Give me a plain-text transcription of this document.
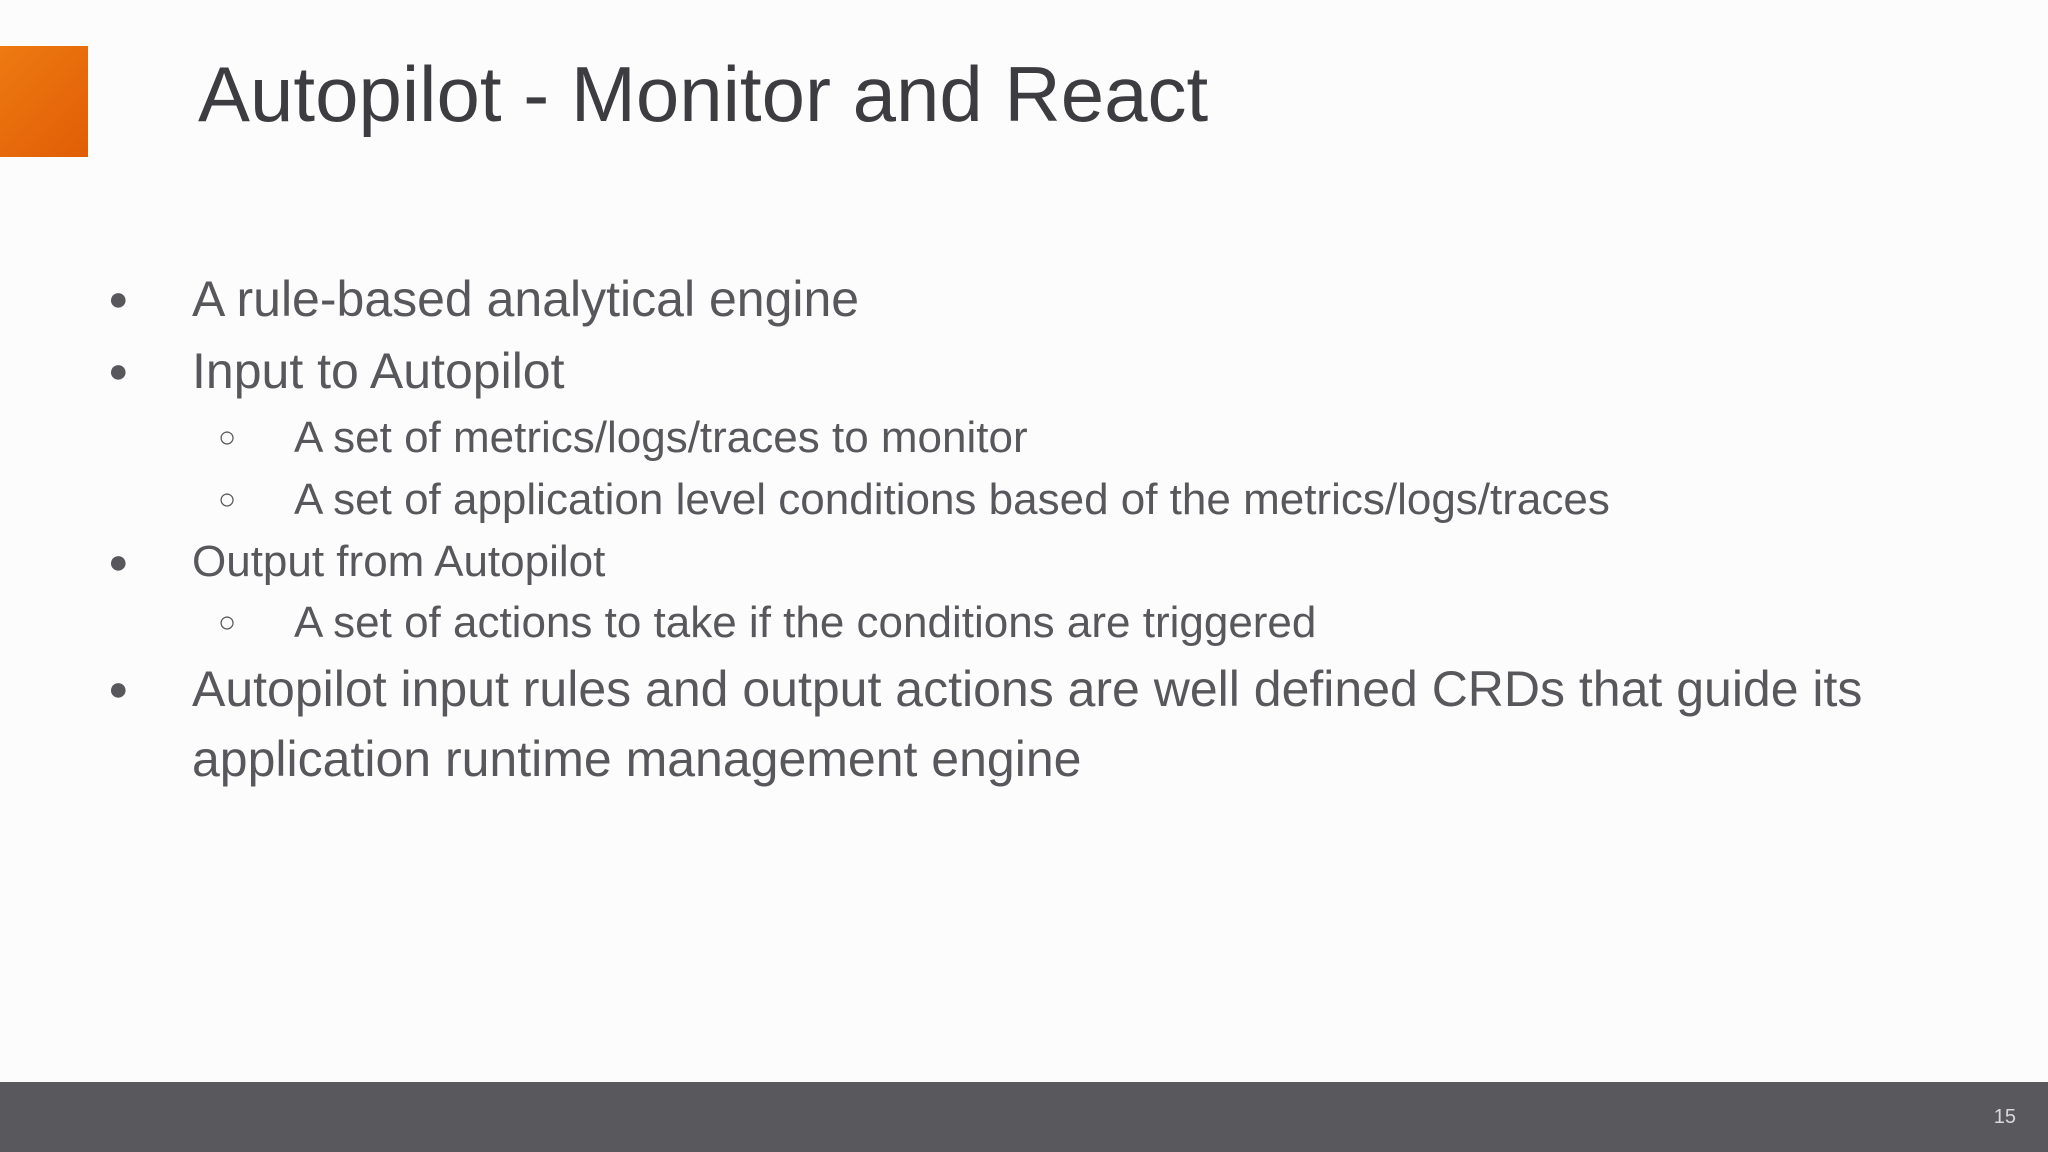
Autopilot - Monitor and React
● A rule-based analytical engine
● Input to Autopilot
○ A set of metrics/logs/traces to monitor
○ A set of application level conditions based of the metrics/logs/traces
● Output from Autopilot
○ A set of actions to take if the conditions are triggered
● Autopilot input rules and output actions are well defined CRDs that guide its
application runtime management engine
15
